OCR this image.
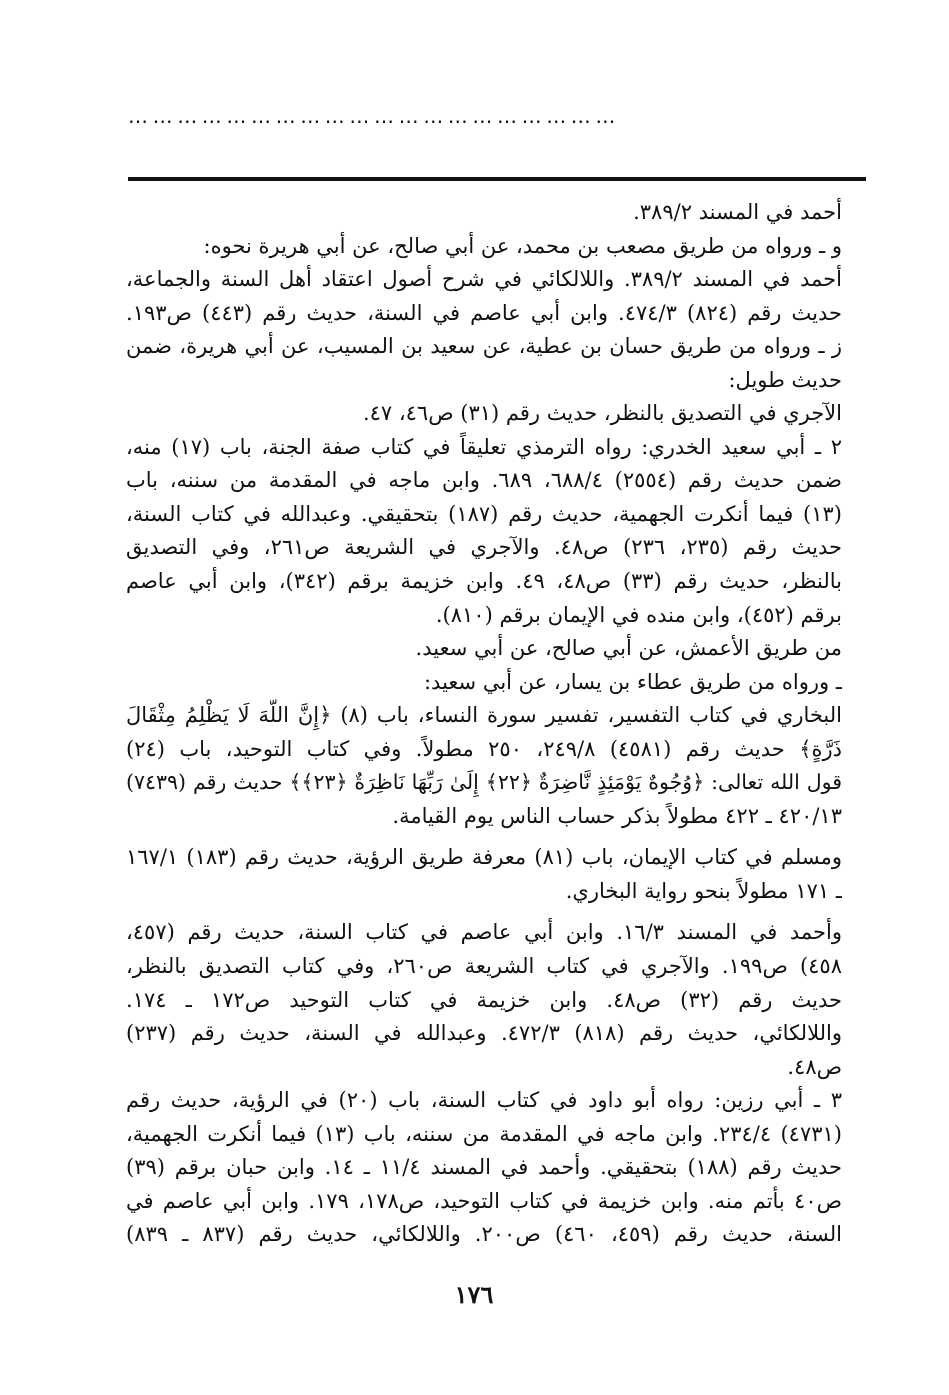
……………………………………………………
أحمد في المسند ٣٨٩/٢.
و ـ ورواه من طريق مصعب بن محمد، عن أبي صالح، عن أبي هريرة نحوه:
أحمد في المسند ٣٨٩/٢. واللالكائي في شرح أصول اعتقاد أهل السنة والجماعة،
حديث رقم (٨٢٤) ٤٧٤/٣. وابن أبي عاصم في السنة، حديث رقم (٤٤٣) ص١٩٣.
ز ـ ورواه من طريق حسان بن عطية، عن سعيد بن المسيب، عن أبي هريرة، ضمن
حديث طويل:
الآجري في التصديق بالنظر، حديث رقم (٣١) ص٤٦، ٤٧.
٢ ـ أبي سعيد الخدري: رواه الترمذي تعليقاً في كتاب صفة الجنة، باب (١٧) منه،
ضمن حديث رقم (٢٥٥٤) ٦٨٨/٤، ٦٨٩. وابن ماجه في المقدمة من سننه، باب
(١٣) فيما أنكرت الجهمية، حديث رقم (١٨٧) بتحقيقي. وعبدالله في كتاب السنة،
حديث رقم (٢٣٥، ٢٣٦) ص٤٨. والآجري في الشريعة ص٢٦١، وفي التصديق
بالنظر، حديث رقم (٣٣) ص٤٨، ٤٩. وابن خزيمة برقم (٣٤٢)، وابن أبي عاصم
برقم (٤٥٢)، وابن منده في الإيمان برقم (٨١٠).
من طريق الأعمش، عن أبي صالح، عن أبي سعيد.
ـ ورواه من طريق عطاء بن يسار، عن أبي سعيد:
البخاري في كتاب التفسير، تفسير سورة النساء، باب (٨) ﴿إِنَّ اللَّهَ لَا يَظْلِمُ مِثْقَالَ
ذَرَّةٍ﴾ حديث رقم (٤٥٨١) ٢٤٩/٨، ٢٥٠ مطولاً. وفي كتاب التوحيد، باب (٢٤)
قول الله تعالى: ﴿وُجُوهٌ يَوْمَئِذٍ نَّاضِرَةٌ ﴿٢٢﴾ إِلَىٰ رَبِّهَا نَاظِرَةٌ ﴿٢٣﴾﴾ حديث رقم (٧٤٣٩)
٤٢٠/١٣ ـ ٤٢٢ مطولاً بذكر حساب الناس يوم القيامة.
ومسلم في كتاب الإيمان، باب (٨١) معرفة طريق الرؤية، حديث رقم (١٨٣) ١٦٧/١
ـ ١٧١ مطولاً بنحو رواية البخاري.
وأحمد في المسند ١٦/٣. وابن أبي عاصم في كتاب السنة، حديث رقم (٤٥٧،
٤٥٨) ص١٩٩. والآجري في كتاب الشريعة ص٢٦٠، وفي كتاب التصديق بالنظر،
حديث رقم (٣٢) ص٤٨. وابن خزيمة في كتاب التوحيد ص١٧٢ ـ ١٧٤.
واللالكائي، حديث رقم (٨١٨) ٤٧٢/٣. وعبدالله في السنة، حديث رقم (٢٣٧)
ص٤٨.
٣ ـ أبي رزين: رواه أبو داود في كتاب السنة، باب (٢٠) في الرؤية، حديث رقم
(٤٧٣١) ٢٣٤/٤. وابن ماجه في المقدمة من سننه، باب (١٣) فيما أنكرت الجهمية،
حديث رقم (١٨٨) بتحقيقي. وأحمد في المسند ١١/٤ ـ ١٤. وابن حبان برقم (٣٩)
ص٤٠ بأتم منه. وابن خزيمة في كتاب التوحيد، ص١٧٨، ١٧٩. وابن أبي عاصم في
السنة، حديث رقم (٤٥٩، ٤٦٠) ص٢٠٠. واللالكائي، حديث رقم (٨٣٧ ـ ٨٣٩)
١٧٦
